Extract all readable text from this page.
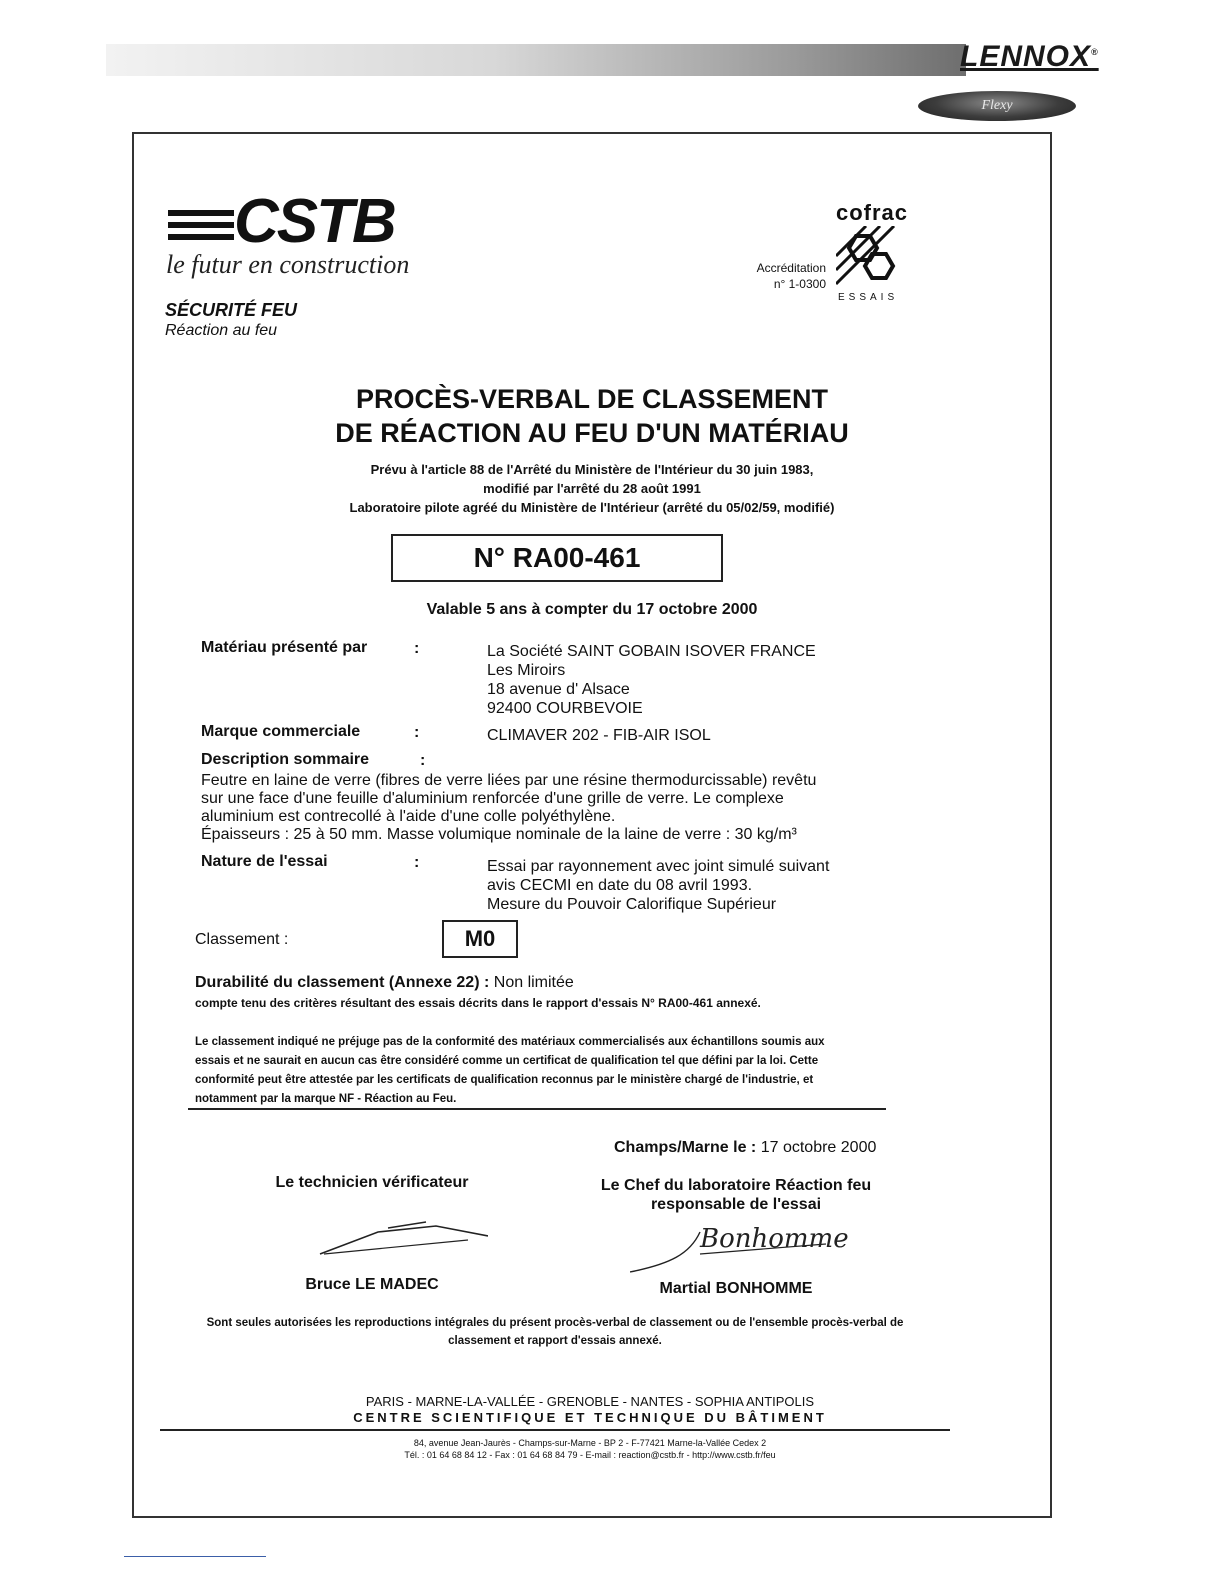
LENNOX®
Flexy
CSTB
le futur en construction
SÉCURITÉ FEU
Réaction au feu
cofrac
ESSAIS
Accréditation
n° 1-0300
PROCÈS-VERBAL DE CLASSEMENT
DE RÉACTION AU FEU D'UN MATÉRIAU
Prévu à l'article 88 de l'Arrêté du Ministère de l'Intérieur du 30 juin 1983,
modifié par l'arrêté du 28 août 1991
Laboratoire pilote agréé du Ministère de l'Intérieur (arrêté du 05/02/59, modifié)
N° RA00-461
Valable 5 ans à compter du 17 octobre 2000
Matériau présenté par	:	La Société SAINT GOBAIN ISOVER FRANCE
Les Miroirs
18 avenue d' Alsace
92400 COURBEVOIE
Marque commerciale	:	CLIMAVER 202 - FIB-AIR ISOL
Description sommaire	:
Feutre en laine de verre (fibres de verre liées par une résine thermodurcissable) revêtu
sur une face d'une feuille d'aluminium renforcée d'une grille de verre. Le complexe
aluminium est contrecollé à l'aide d'une colle polyéthylène.
Épaisseurs : 25 à 50 mm. Masse volumique nominale de la laine de verre : 30 kg/m³
Nature de l'essai	:	Essai par rayonnement avec joint simulé suivant
avis CECMI en date du 08 avril 1993.
Mesure du Pouvoir Calorifique Supérieur
Classement :	M0
Durabilité du classement (Annexe 22) : Non limitée
compte tenu des critères résultant des essais décrits dans le rapport d'essais N° RA00-461 annexé.
Le classement indiqué ne préjuge pas de la conformité des matériaux commercialisés aux échantillons soumis aux
essais et ne saurait en aucun cas être considéré comme un certificat de qualification tel que défini par la loi. Cette
conformité peut être attestée par les certificats de qualification reconnus par le ministère chargé de l'industrie, et
notamment par la marque NF - Réaction au Feu.
Champs/Marne le : 17 octobre 2000
Le technicien vérificateur
Bruce LE MADEC
Le Chef du laboratoire Réaction feu
responsable de l'essai
Bonhomme
Martial BONHOMME
Sont seules autorisées les reproductions intégrales du présent procès-verbal de classement ou de l'ensemble procès-verbal de
classement et rapport d'essais annexé.
PARIS - MARNE-LA-VALLÉE - GRENOBLE - NANTES - SOPHIA ANTIPOLIS
CENTRE SCIENTIFIQUE ET TECHNIQUE DU BÂTIMENT
84, avenue Jean-Jaurès - Champs-sur-Marne - BP 2 - F-77421 Marne-la-Vallée Cedex 2
Tél. : 01 64 68 84 12 - Fax : 01 64 68 84 79 - E-mail : reaction@cstb.fr - http://www.cstb.fr/feu
